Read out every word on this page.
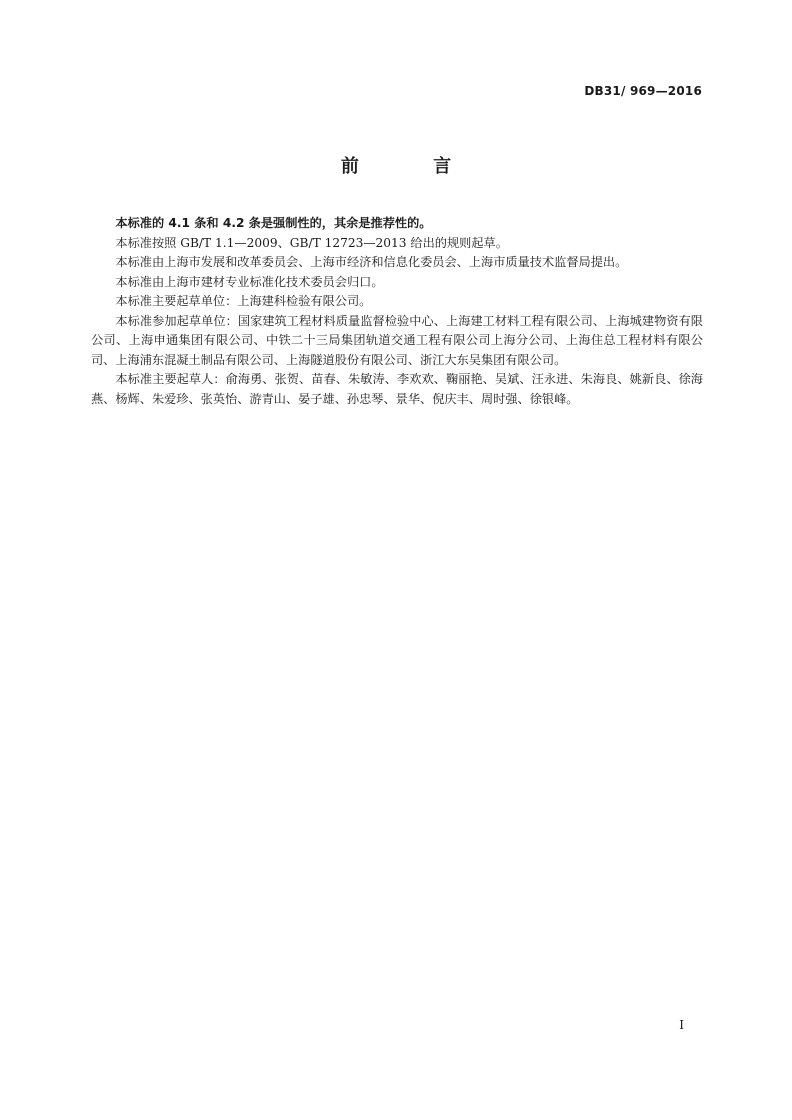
DB31/ 969—2016
前 言

本标准的 4.1 条和 4.2 条是强制性的，其余是推荐性的。

本标准按照 GB/T 1.1—2009、GB/T 12723—2013 给出的规则起草。

本标准由上海市发展和改革委员会、上海市经济和信息化委员会、上海市质量技术监督局提出。

本标准由上海市建材专业标准化技术委员会归口。

本标准主要起草单位：上海建科检验有限公司。

本标准参加起草单位：国家建筑工程材料质量监督检验中心、上海建工材料工程有限公司、上海城建物资有限公司、上海申通集团有限公司、中铁二十三局集团轨道交通工程有限公司上海分公司、上海住总工程材料有限公司、上海浦东混凝土制品有限公司、上海隧道股份有限公司、浙江大东吴集团有限公司。

本标准主要起草人：俞海勇、张贺、苗春、朱敏涛、李欢欢、鞠丽艳、吴斌、汪永进、朱海良、姚新良、徐海燕、杨辉、朱爱珍、张英怡、游青山、晏子雄、孙忠琴、景华、倪庆丰、周时强、徐银峰。

I
